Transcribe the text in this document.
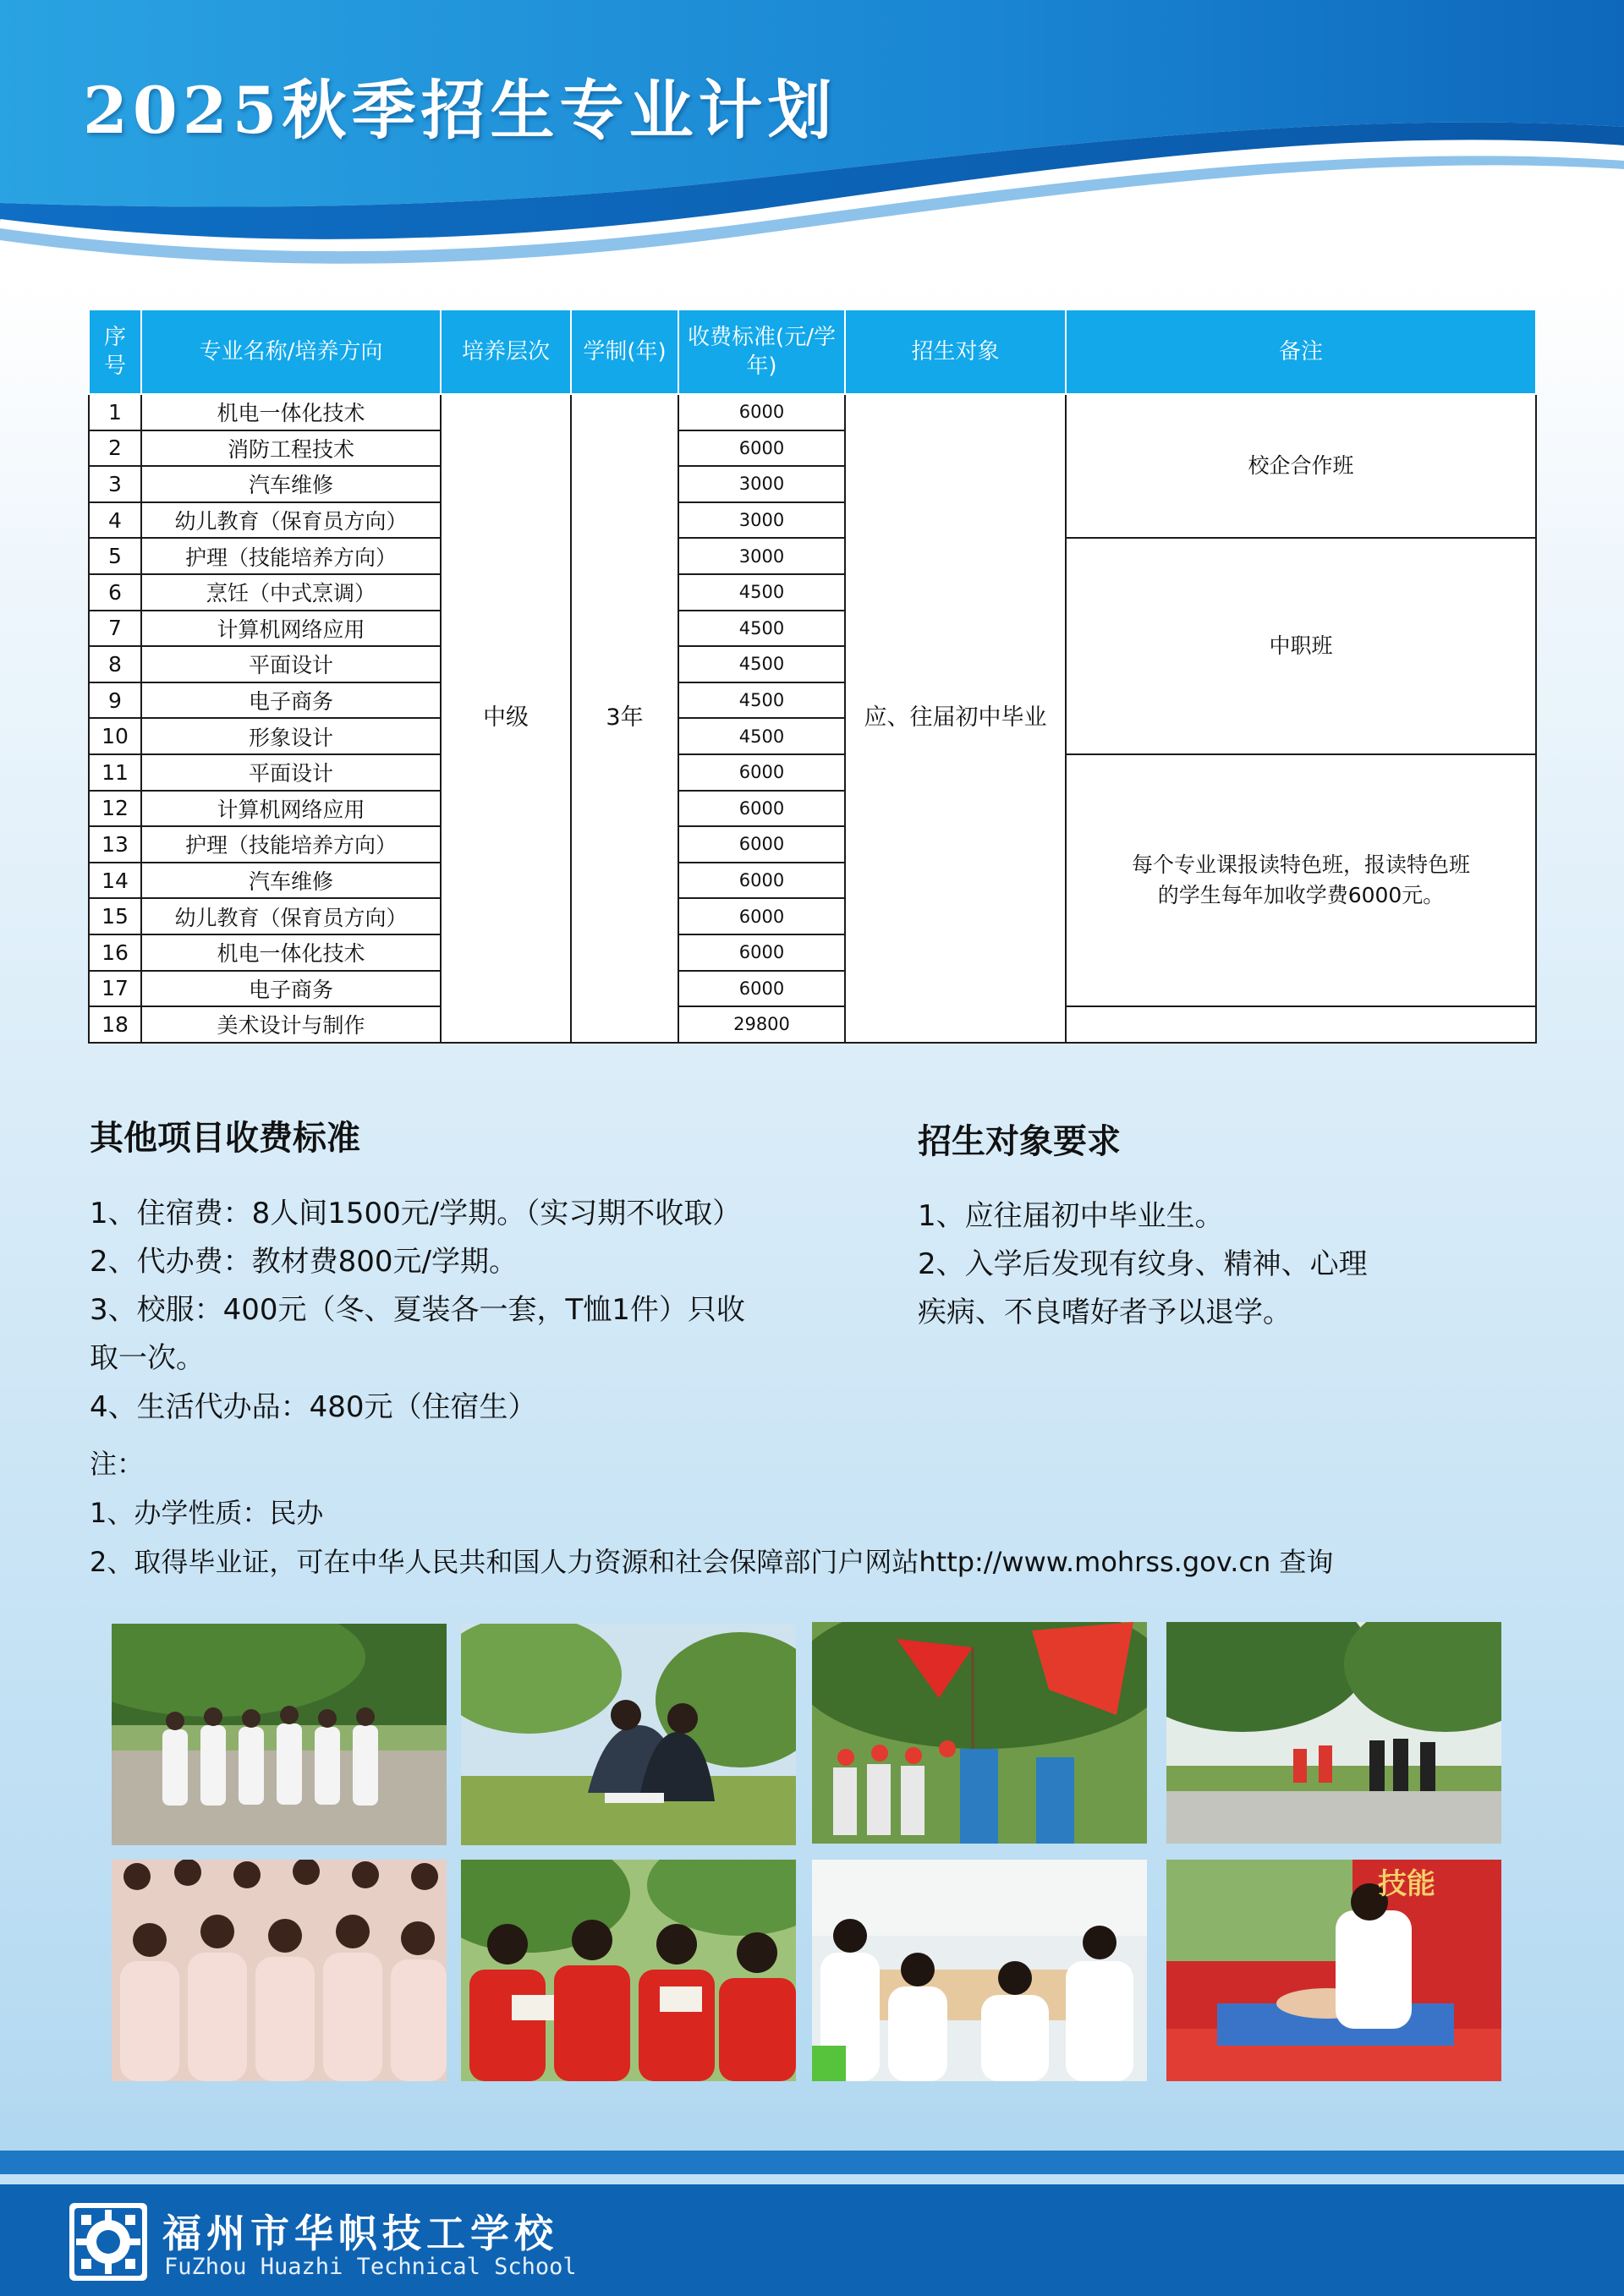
2025秋季招生专业计划
序号	专业名称/培养方向	培养层次	学制(年)	收费标准(元/学年)	招生对象	备注
1	机电一体化技术	中级	3年	6000	应、往届初中毕业	校企合作班
2	消防工程技术			6000		
3	汽车维修			3000		
4	幼儿教育（保育员方向）			3000		
5	护理（技能培养方向）			3000		中职班
6	烹饪（中式烹调）			4500		
7	计算机网络应用			4500		
8	平面设计			4500		
9	电子商务			4500		
10	形象设计			4500		
11	平面设计			6000		每个专业课报读特色班，报读特色班的学生每年加收学费6000元。
12	计算机网络应用			6000		
13	护理（技能培养方向）			6000		
14	汽车维修			6000		
15	幼儿教育（保育员方向）			6000		
16	机电一体化技术			6000		
17	电子商务			6000		
18	美术设计与制作			29800		
其他项目收费标准
1、住宿费：8人间1500元/学期。（实习期不收取）
2、代办费：教材费800元/学期。
3、校服：400元（冬、夏装各一套，T恤1件）只收
取一次。
4、生活代办品：480元（住宿生）
注：
1、办学性质：民办
2、取得毕业证，可在中华人民共和国人力资源和社会保障部门户网站http://www.mohrss.gov.cn 查询
招生对象要求
1、应往届初中毕业生。
2、入学后发现有纹身、精神、心理
疾病、不良嗜好者予以退学。
技能
福州市华帜技工学校
FuZhou Huazhi Technical School
